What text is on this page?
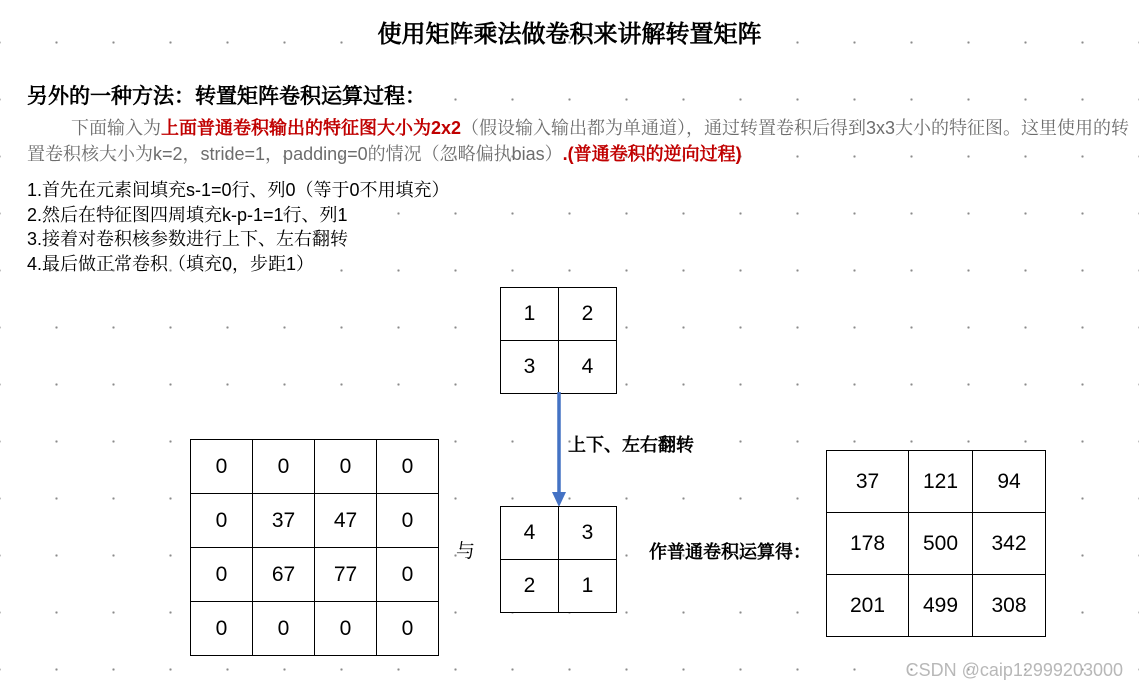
使用矩阵乘法做卷积来讲解转置矩阵
另外的一种方法：转置矩阵卷积运算过程：
下面输入为上面普通卷积输出的特征图大小为2x2（假设输入输出都为单通道），通过转置卷积后得到3x3大小的特征图。这里使用的转置卷积核大小为k=2，stride=1，padding=0的情况（忽略偏执bias）.(普通卷积的逆向过程)
1.首先在元素间填充s-1=0行、列0（等于0不用填充）
2.然后在特征图四周填充k-p-1=1行、列1
3.接着对卷积核参数进行上下、左右翻转
4.最后做正常卷积（填充0，步距1）
1	2
3	4
上下、左右翻转
0	0	0	0
0	37	47	0
0	67	77	0
0	0	0	0
与
4	3
2	1
作普通卷积运算得：
37	121	94
178	500	342
201	499	308
CSDN @caip12999203000
